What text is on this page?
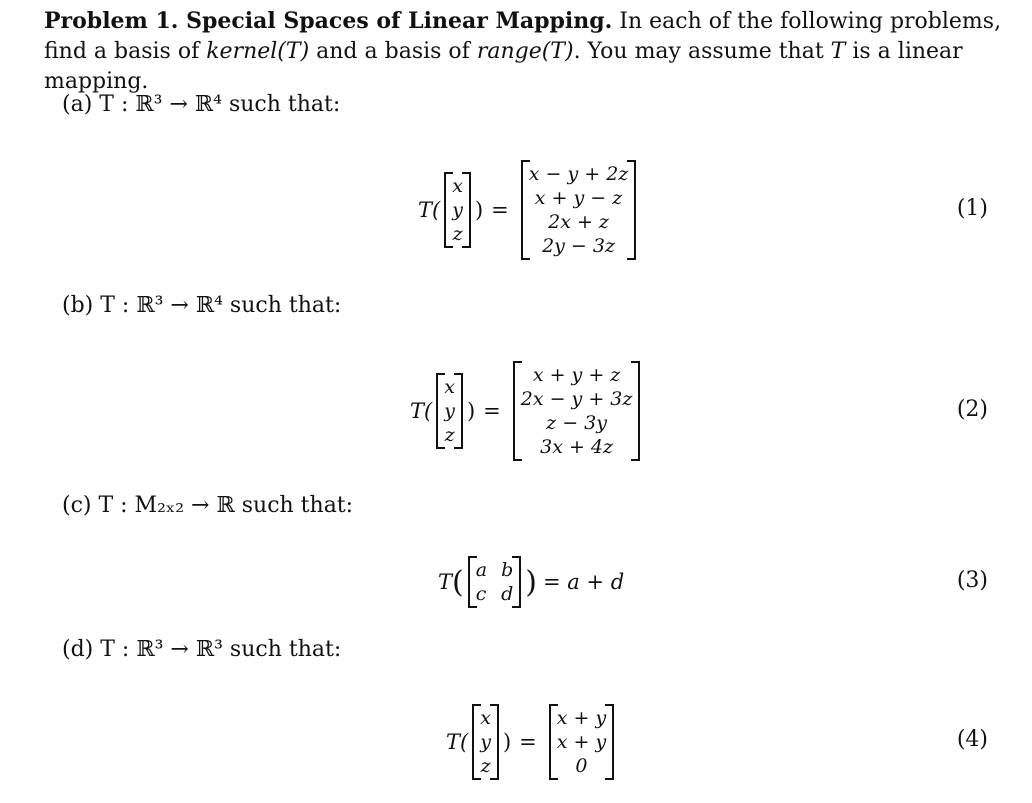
Problem 1. Special Spaces of Linear Mapping. In each of the following problems, find a basis of kernel(T) and a basis of range(T). You may assume that T is a linear mapping.
(a) T : ℝ³ → ℝ⁴ such that:
T(
x
y
z
) =
x − y + 2z
x + y − z
2x + z
2y − 3z
(1)
(b) T : ℝ³ → ℝ⁴ such that:
T(
x
y
z
) =
x + y + z
2x − y + 3z
z − 3y
3x + 4z
(2)
(c) T : M₂ₓ₂ → ℝ such that:
T ( a b
c d ) = a + d	(3)
(d) T : ℝ³ → ℝ³ such that:
T(
x
y
z
) =
x + y
x + y
0
(4)
